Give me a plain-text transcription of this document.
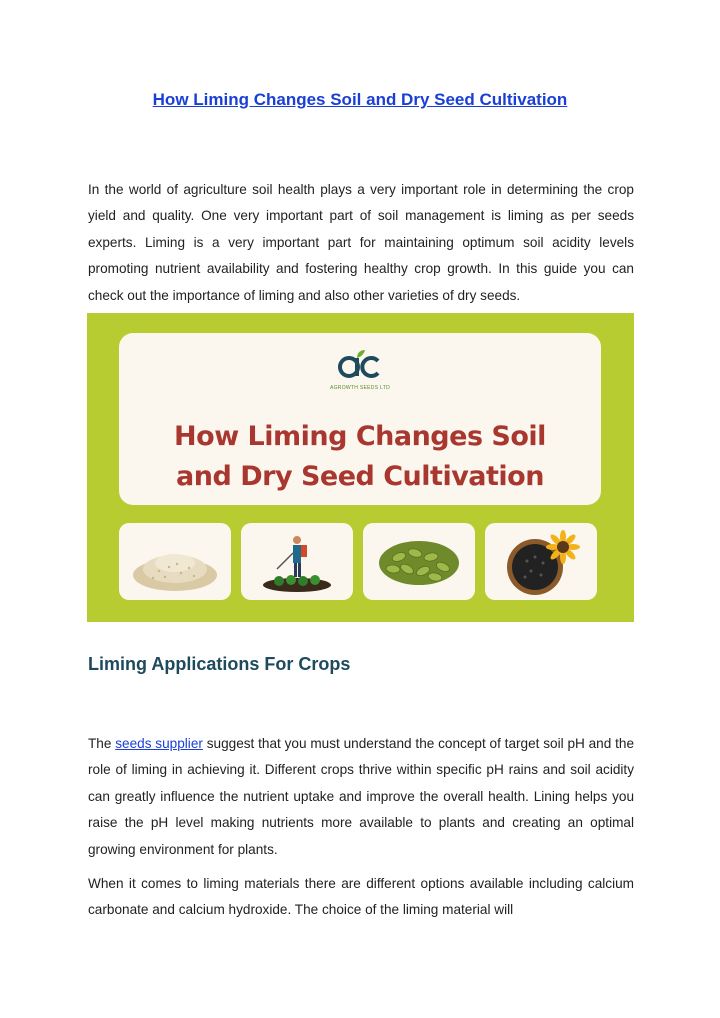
How Liming Changes Soil and Dry Seed Cultivation

In the world of agriculture soil health plays a very important role in determining the crop yield and quality. One very important part of soil management is liming as per seeds experts. Liming is a very important part for maintaining optimum soil acidity levels promoting nutrient availability and fostering healthy crop growth. In this guide you can check out the importance of liming and also other varieties of dry seeds.

AGROWTH SEEDS LTD
How Liming Changes Soil
and Dry Seed Cultivation
Liming Applications For Crops

The seeds supplier suggest that you must understand the concept of target soil pH and the role of liming in achieving it. Different crops thrive within specific pH rains and soil acidity can greatly influence the nutrient uptake and improve the overall health. Lining helps you raise the pH level making nutrients more available to plants and creating an optimal growing environment for plants.

When it comes to liming materials there are different options available including calcium carbonate and calcium hydroxide. The choice of the liming material will
